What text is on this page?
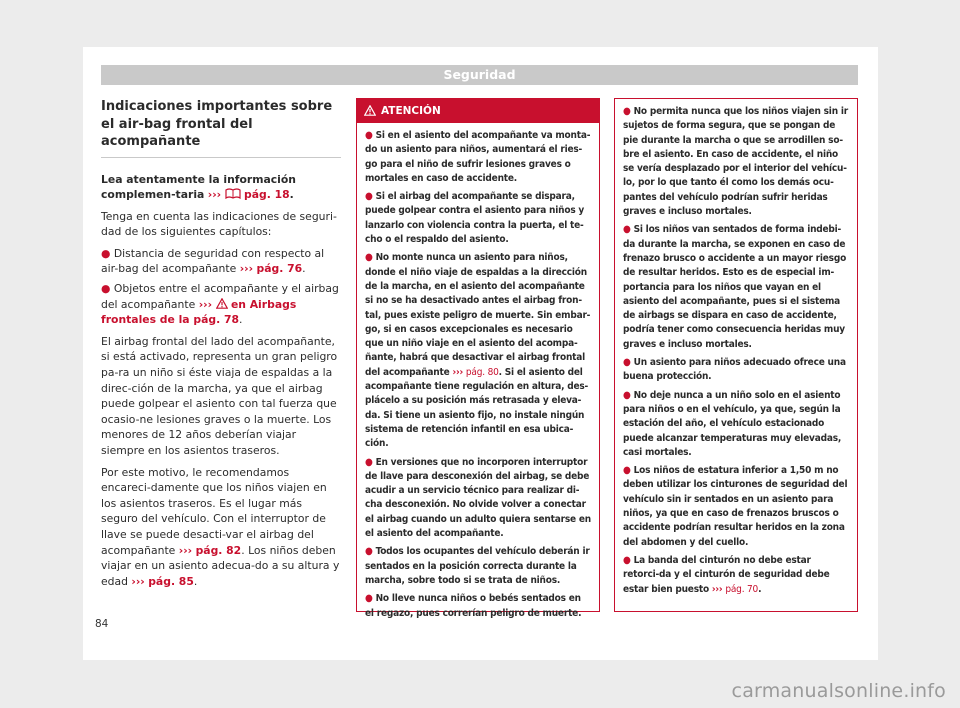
Seguridad
Indicaciones importantes sobre el air-bag frontal del acompañante

Lea atentamente la información complemen-taria ››› pág. 18.

Tenga en cuenta las indicaciones de seguri-dad de los siguientes capítulos:

● Distancia de seguridad con respecto al air-bag del acompañante ››› pág. 76.
● Objetos entre el acompañante y el airbag del acompañante ››› en Airbags frontales de la pág. 78.

El airbag frontal del lado del acompañante, si está activado, representa un gran peligro pa-ra un niño si éste viaja de espaldas a la direc-ción de la marcha, ya que el airbag puede golpear el asiento con tal fuerza que ocasio-ne lesiones graves o la muerte. Los menores de 12 años deberían viajar siempre en los asientos traseros.

Por este motivo, le recomendamos encareci-damente que los niños viajen en los asientos traseros. Es el lugar más seguro del vehículo. Con el interruptor de llave se puede desacti-var el airbag del acompañante ››› pág. 82. Los niños deben viajar en un asiento adecua-do a su altura y edad ››› pág. 85.

ATENCIÓN
● Si en el asiento del acompañante va monta-do un asiento para niños, aumentará el ries-go para el niño de sufrir lesiones graves o mortales en caso de accidente.
● Si el airbag del acompañante se dispara, puede golpear contra el asiento para niños y lanzarlo con violencia contra la puerta, el te-cho o el respaldo del asiento.
● No monte nunca un asiento para niños, donde el niño viaje de espaldas a la dirección de la marcha, en el asiento del acompañante si no se ha desactivado antes el airbag fron-tal, pues existe peligro de muerte. Sin embar-go, si en casos excepcionales es necesario que un niño viaje en el asiento del acompa-ñante, habrá que desactivar el airbag frontal del acompañante ››› pág. 80. Si el asiento del acompañante tiene regulación en altura, des-plácelo a su posición más retrasada y eleva-da. Si tiene un asiento fijo, no instale ningún sistema de retención infantil en esa ubica-ción.
● En versiones que no incorporen interruptor de llave para desconexión del airbag, se debe acudir a un servicio técnico para realizar di-cha desconexión. No olvide volver a conectar el airbag cuando un adulto quiera sentarse en el asiento del acompañante.
● Todos los ocupantes del vehículo deberán ir sentados en la posición correcta durante la marcha, sobre todo si se trata de niños.
● No lleve nunca niños o bebés sentados en el regazo, pues correrían peligro de muerte.
● No permita nunca que los niños viajen sin ir sujetos de forma segura, que se pongan de pie durante la marcha o que se arrodillen so-bre el asiento. En caso de accidente, el niño se vería desplazado por el interior del vehícu-lo, por lo que tanto él como los demás ocu-pantes del vehículo podrían sufrir heridas graves e incluso mortales.
● Si los niños van sentados de forma indebi-da durante la marcha, se exponen en caso de frenazo brusco o accidente a un mayor riesgo de resultar heridos. Esto es de especial im-portancia para los niños que vayan en el asiento del acompañante, pues si el sistema de airbags se dispara en caso de accidente, podría tener como consecuencia heridas muy graves e incluso mortales.
● Un asiento para niños adecuado ofrece una buena protección.
● No deje nunca a un niño solo en el asiento para niños o en el vehículo, ya que, según la estación del año, el vehículo estacionado puede alcanzar temperaturas muy elevadas, casi mortales.
● Los niños de estatura inferior a 1,50 m no deben utilizar los cinturones de seguridad del vehículo sin ir sentados en un asiento para niños, ya que en caso de frenazos bruscos o accidente podrían resultar heridos en la zona del abdomen y del cuello.
● La banda del cinturón no debe estar retorci-da y el cinturón de seguridad debe estar bien puesto ››› pág. 70.
84
carmanualsonline.info
